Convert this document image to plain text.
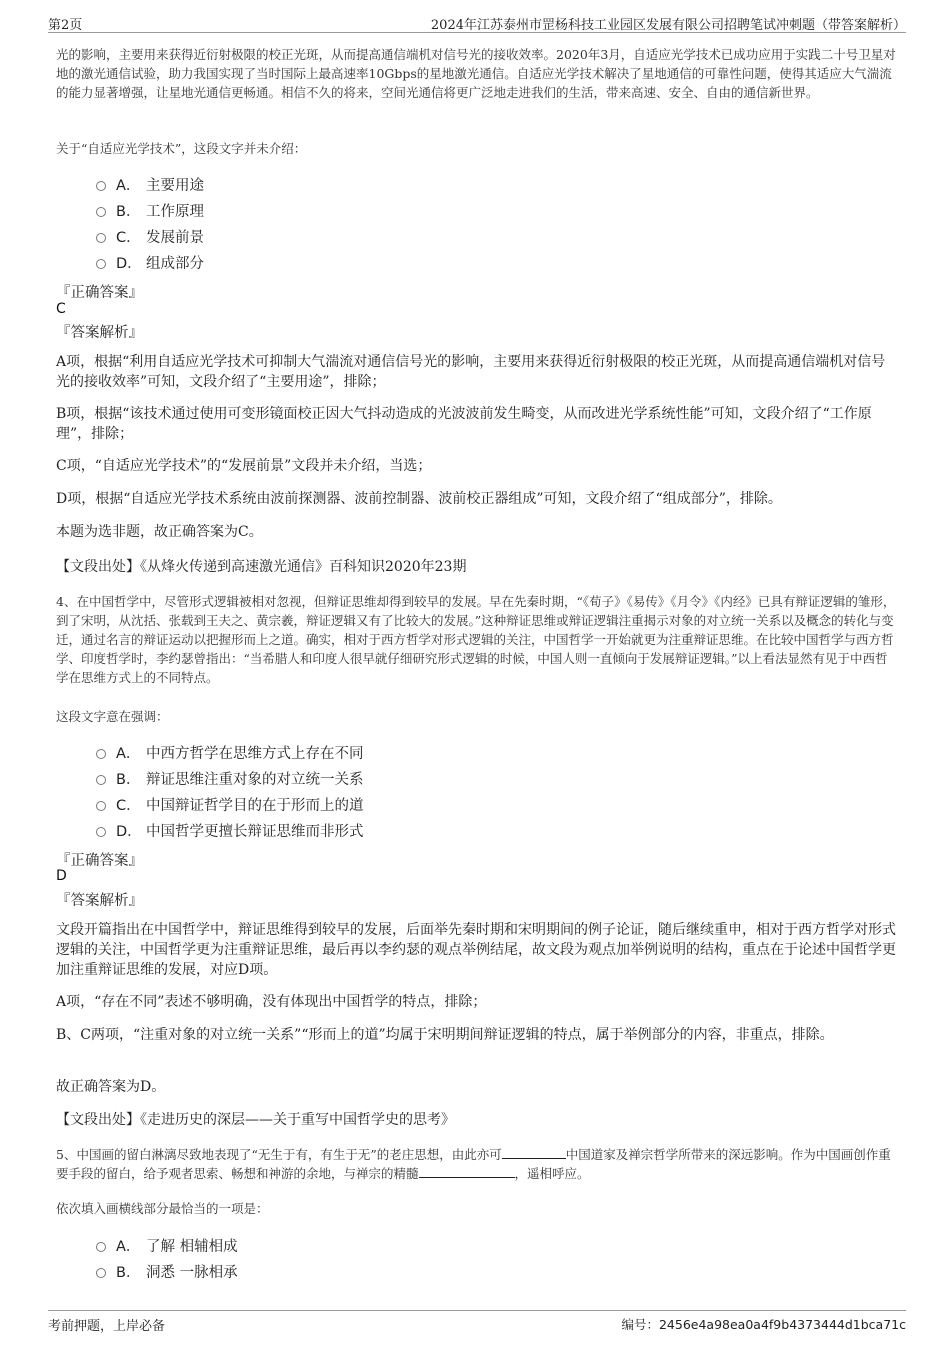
第2页	2024年江苏泰州市罡杨科技工业园区发展有限公司招聘笔试冲刺题（带答案解析）

光的影响，主要用来获得近衍射极限的校正光斑，从而提高通信端机对信号光的接收效率。2020年3月，自适应光学技术已成功应用于实践二十号卫星对地的激光通信试验，助力我国实现了当时国际上最高速率10Gbps的星地激光通信。自适应光学技术解决了星地通信的可靠性问题，使得其适应大气湍流的能力显著增强，让星地光通信更畅通。相信不久的将来，空间光通信将更广泛地走进我们的生活，带来高速、安全、自由的通信新世界。

关于“自适应光学技术”，这段文字并未介绍：

A． 主要用途
B． 工作原理
C． 发展前景
D． 组成部分
『正确答案』
C
『答案解析』

A项，根据“利用自适应光学技术可抑制大气湍流对通信信号光的影响，主要用来获得近衍射极限的校正光斑，从而提高通信端机对信号光的接收效率”可知，文段介绍了“主要用途”，排除；

B项，根据“该技术通过使用可变形镜面校正因大气抖动造成的光波波前发生畸变，从而改进光学系统性能”可知，文段介绍了“工作原理”，排除；

C项，“自适应光学技术”的“发展前景”文段并未介绍，当选；

D项，根据“自适应光学技术系统由波前探测器、波前控制器、波前校正器组成”可知，文段介绍了“组成部分”，排除。

本题为选非题，故正确答案为C。

【文段出处】《从烽火传递到高速激光通信》百科知识2020年23期

4、在中国哲学中，尽管形式逻辑被相对忽视，但辩证思维却得到较早的发展。早在先秦时期，“《荀子》《易传》《月令》《内经》已具有辩证逻辑的雏形，到了宋明，从沈括、张载到王夫之、黄宗羲，辩证逻辑又有了比较大的发展。”这种辩证思维或辩证逻辑注重揭示对象的对立统一关系以及概念的转化与变迁，通过名言的辩证运动以把握形而上之道。确实，相对于西方哲学对形式逻辑的关注，中国哲学一开始就更为注重辩证思维。在比较中国哲学与西方哲学、印度哲学时，李约瑟曾指出：“当希腊人和印度人很早就仔细研究形式逻辑的时候，中国人则一直倾向于发展辩证逻辑。”以上看法显然有见于中西哲学在思维方式上的不同特点。

这段文字意在强调：

A． 中西方哲学在思维方式上存在不同
B． 辩证思维注重对象的对立统一关系
C． 中国辩证哲学目的在于形而上的道
D． 中国哲学更擅长辩证思维而非形式
『正确答案』
D
『答案解析』

文段开篇指出在中国哲学中，辩证思维得到较早的发展，后面举先秦时期和宋明期间的例子论证，随后继续重申，相对于西方哲学对形式逻辑的关注，中国哲学更为注重辩证思维，最后再以李约瑟的观点举例结尾，故文段为观点加举例说明的结构，重点在于论述中国哲学更加注重辩证思维的发展，对应D项。

A项，“存在不同”表述不够明确，没有体现出中国哲学的特点，排除；

B、C两项，“注重对象的对立统一关系”“形而上的道”均属于宋明期间辩证逻辑的特点，属于举例部分的内容，非重点，排除。

故正确答案为D。

【文段出处】《走进历史的深层——关于重写中国哲学史的思考》

5、中国画的留白淋漓尽致地表现了“无生于有，有生于无”的老庄思想，由此亦可	中国道家及禅宗哲学所带来的深远影响。作为中国画创作重要手段的留白，给予观者思索、畅想和神游的余地，与禅宗的精髓	，遥相呼应。

依次填入画横线部分最恰当的一项是：

A． 了解 相辅相成
B． 洞悉 一脉相承
考前押题，上岸必备	编号：2456e4a98ea0a4f9b4373444d1bca71c
